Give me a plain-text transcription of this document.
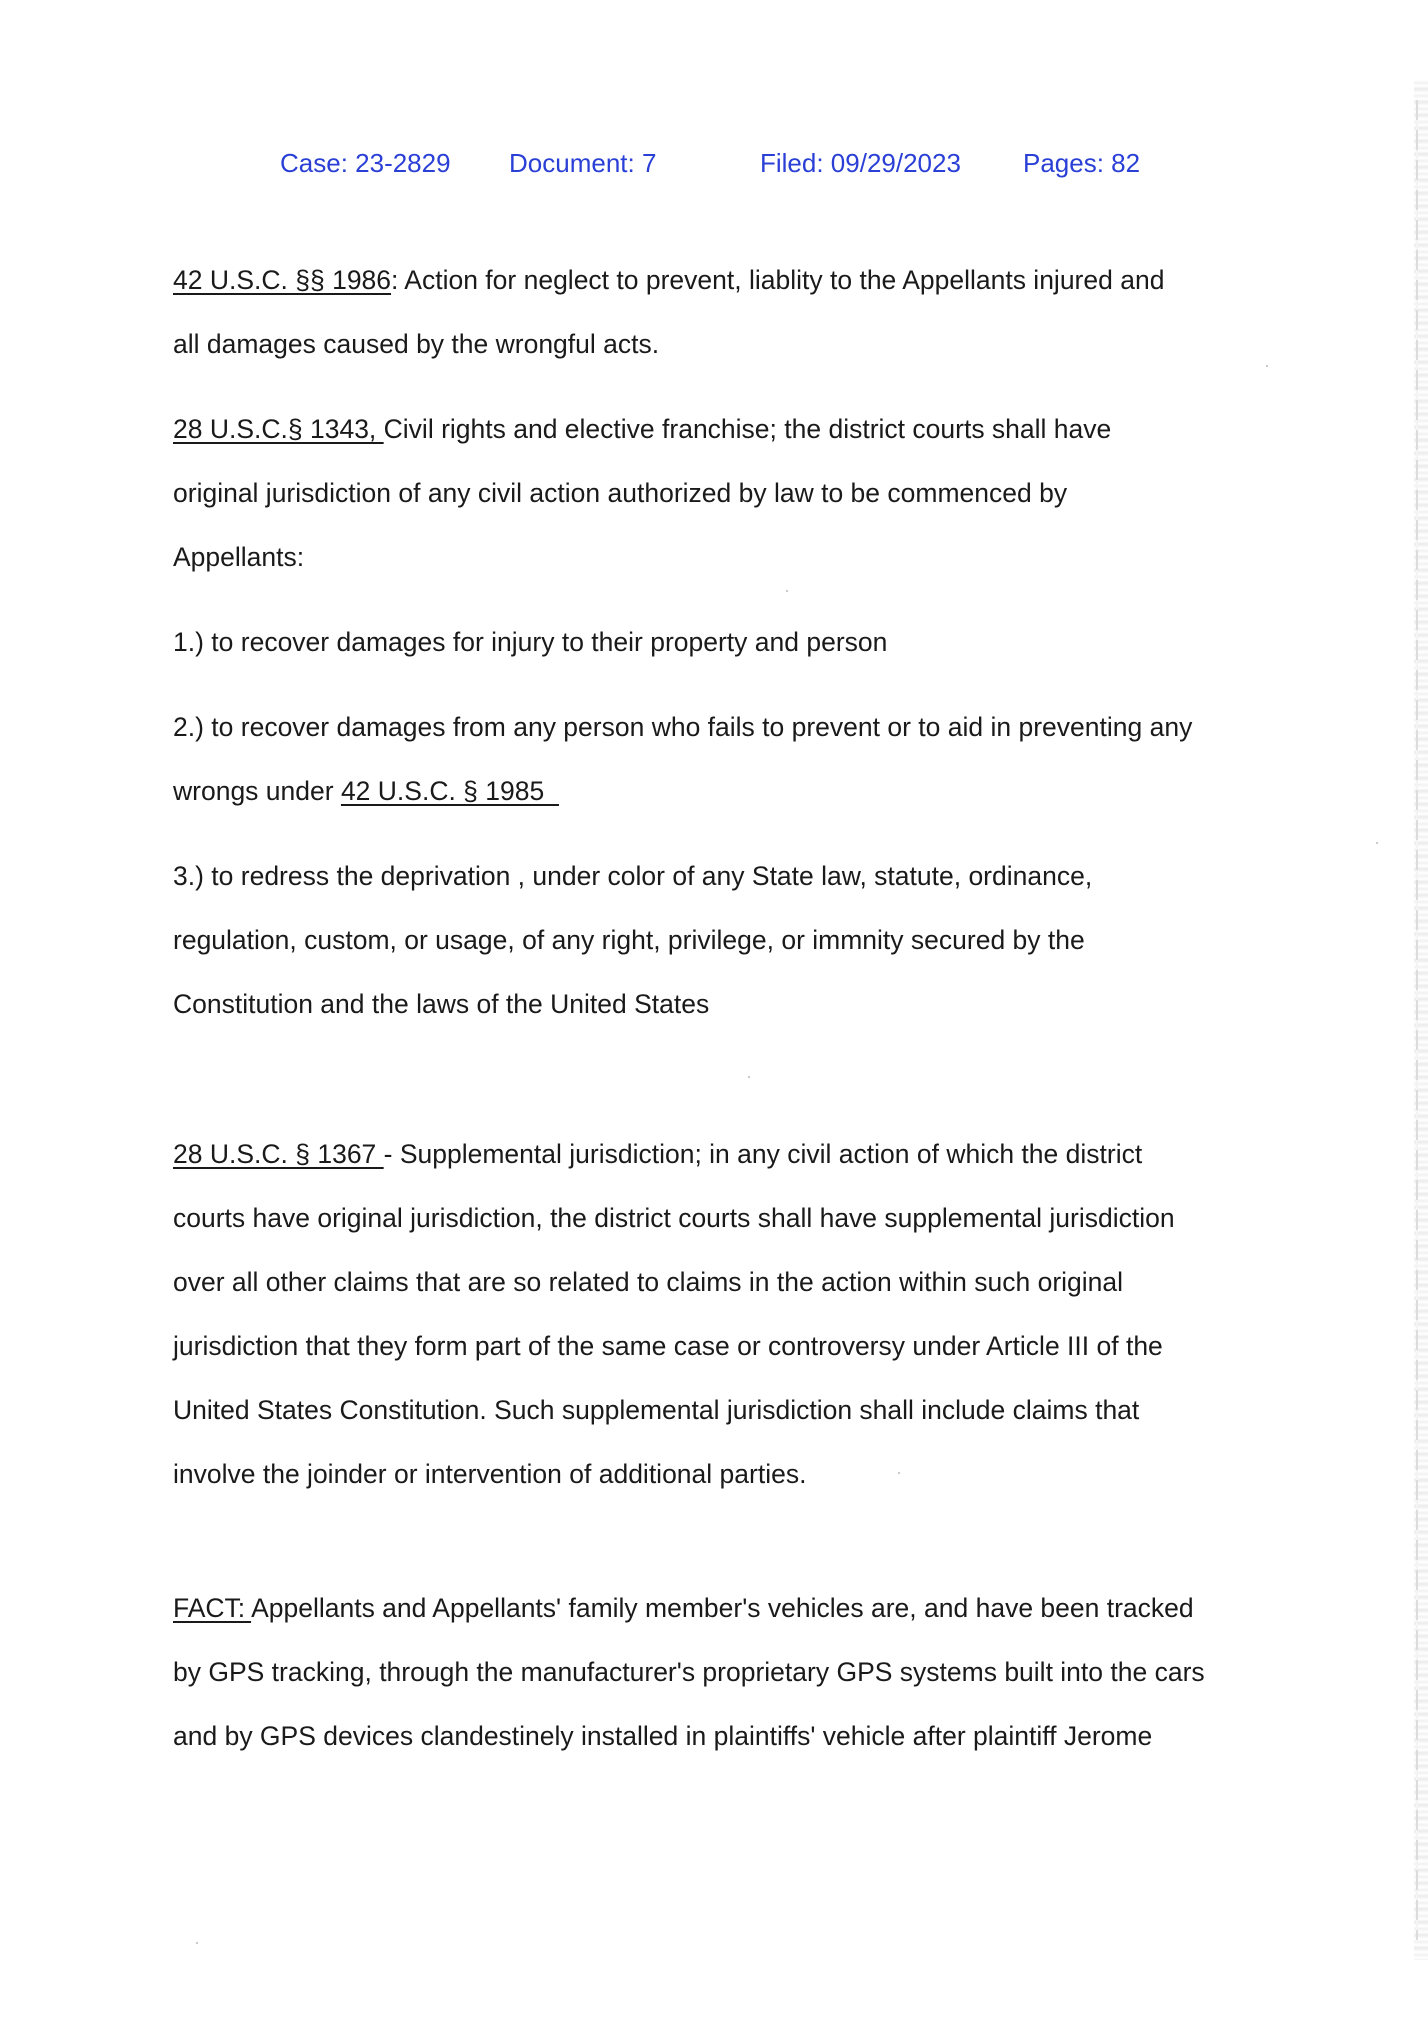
Case: 23-2829 Document: 7	Filed: 09/29/2023 Pages: 82
42 U.S.C. §§ 1986: Action for neglect to prevent, liablity to the Appellants injured and
all damages caused by the wrongful acts.
28 U.S.C.§ 1343, Civil rights and elective franchise; the district courts shall have
original jurisdiction of any civil action authorized by law to be commenced by
Appellants:
1.) to recover damages for injury to their property and person
2.) to recover damages from any person who fails to prevent or to aid in preventing any
wrongs under 42 U.S.C. § 1985
3.) to redress the deprivation , under color of any State law, statute, ordinance,
regulation, custom, or usage, of any right, privilege, or immnity secured by the
Constitution and the laws of the United States
28 U.S.C. § 1367 - Supplemental jurisdiction; in any civil action of which the district
courts have original jurisdiction, the district courts shall have supplemental jurisdiction
over all other claims that are so related to claims in the action within such original
jurisdiction that they form part of the same case or controversy under Article III of the
United States Constitution. Such supplemental jurisdiction shall include claims that
involve the joinder or intervention of additional parties.
FACT: Appellants and Appellants' family member's vehicles are, and have been tracked
by GPS tracking, through the manufacturer's proprietary GPS systems built into the cars
and by GPS devices clandestinely installed in plaintiffs' vehicle after plaintiff Jerome
